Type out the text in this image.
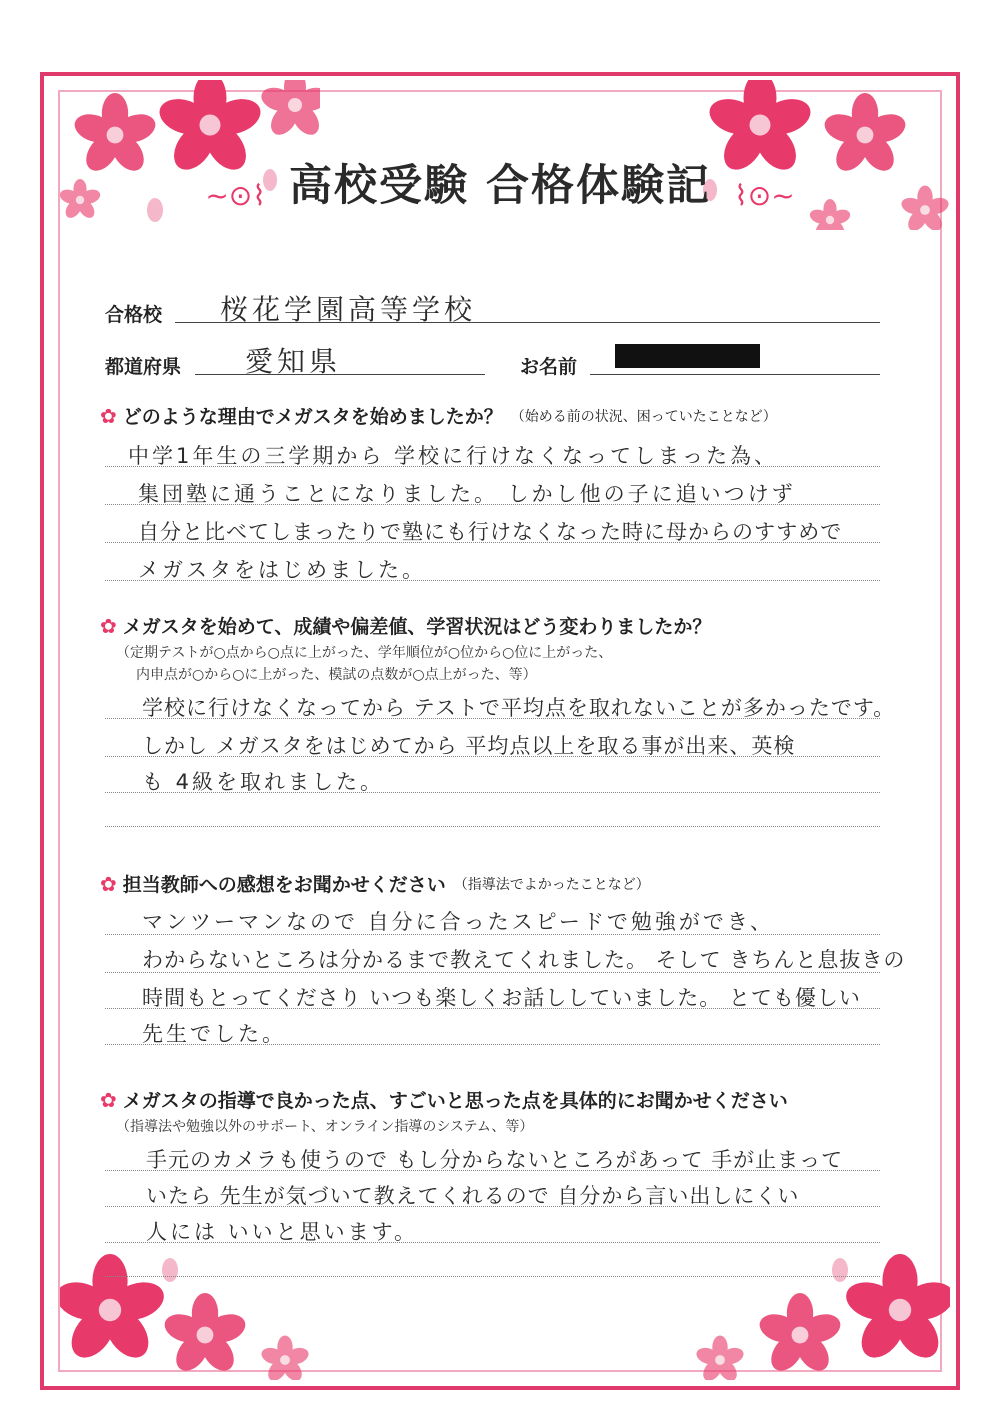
~⊙⌇ 高校受験 合格体験記 ⌇⊙~
合格校 桜花学園高等学校
都道府県 愛知県	お名前
✿ どのような理由でメガスタを始めましたか？ （始める前の状況、困っていたことなど）
中学1年生の三学期から 学校に行けなくなってしまった為、
集団塾に通うことになりました。 しかし他の子に追いつけず
自分と比べてしまったりで塾にも行けなくなった時に母からのすすめで
メガスタをはじめました。
✿ メガスタを始めて、成績や偏差値、学習状況はどう変わりましたか？
（定期テストが○点から○点に上がった、学年順位が○位から○位に上がった、
内申点が○から○に上がった、模試の点数が○点上がった、等）
学校に行けなくなってから テストで平均点を取れないことが多かったです。
しかし メガスタをはじめてから 平均点以上を取る事が出来、英検
も 4級を取れました。
✿ 担当教師への感想をお聞かせください （指導法でよかったことなど）
マンツーマンなので 自分に合ったスピードで勉強ができ、
わからないところは分かるまで教えてくれました。 そして きちんと息抜きの
時間もとってくださり いつも楽しくお話ししていました。 とても優しい
先生でした。
✿ メガスタの指導で良かった点、すごいと思った点を具体的にお聞かせください
（指導法や勉強以外のサポート、オンライン指導のシステム、等）
手元のカメラも使うので もし分からないところがあって 手が止まって
いたら 先生が気づいて教えてくれるので 自分から言い出しにくい
人には いいと思います。
